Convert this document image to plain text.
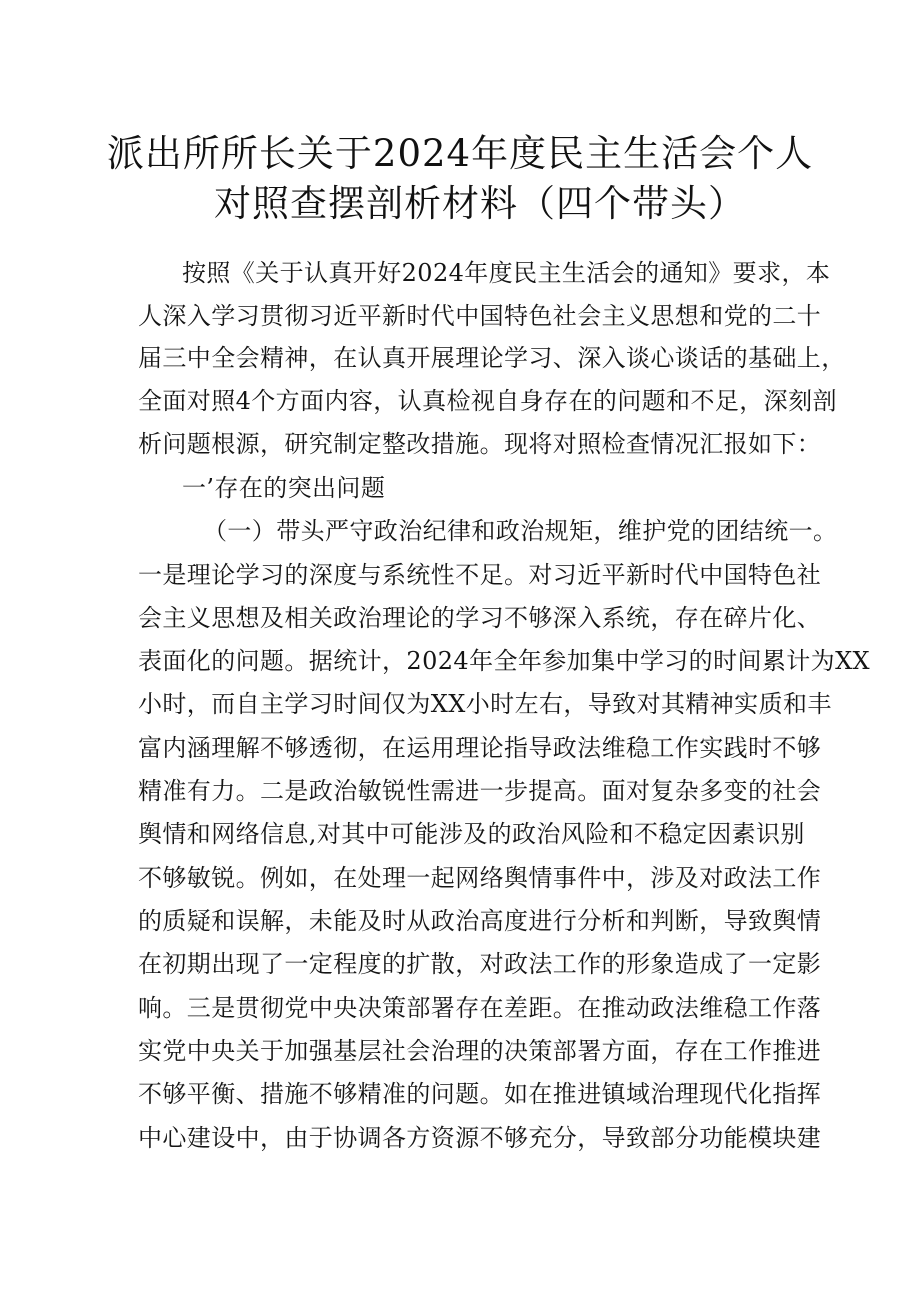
派出所所长关于2024年度民主生活会个人
对照查摆剖析材料（四个带头）
按照《关于认真开好2024年度民主生活会的通知》要求，本
人深入学习贯彻习近平新时代中国特色社会主义思想和党的二十
届三中全会精神，在认真开展理论学习、深入谈心谈话的基础上，
全面对照4个方面内容，认真检视自身存在的问题和不足，深刻剖
析问题根源，研究制定整改措施。现将对照检查情况汇报如下：
一’存在的突出问题
（一）带头严守政治纪律和政治规矩，维护党的团结统一。
一是理论学习的深度与系统性不足。对习近平新时代中国特色社
会主义思想及相关政治理论的学习不够深入系统，存在碎片化、
表面化的问题。据统计，2024年全年参加集中学习的时间累计为XX
小时，而自主学习时间仅为XX小时左右，导致对其精神实质和丰
富内涵理解不够透彻，在运用理论指导政法维稳工作实践时不够
精准有力。二是政治敏锐性需进一步提高。面对复杂多变的社会
舆情和网络信息,对其中可能涉及的政治风险和不稳定因素识别
不够敏锐。例如，在处理一起网络舆情事件中，涉及对政法工作
的质疑和误解，未能及时从政治高度进行分析和判断，导致舆情
在初期出现了一定程度的扩散，对政法工作的形象造成了一定影
响。三是贯彻党中央决策部署存在差距。在推动政法维稳工作落
实党中央关于加强基层社会治理的决策部署方面，存在工作推进
不够平衡、措施不够精准的问题。如在推进镇域治理现代化指挥
中心建设中，由于协调各方资源不够充分，导致部分功能模块建
